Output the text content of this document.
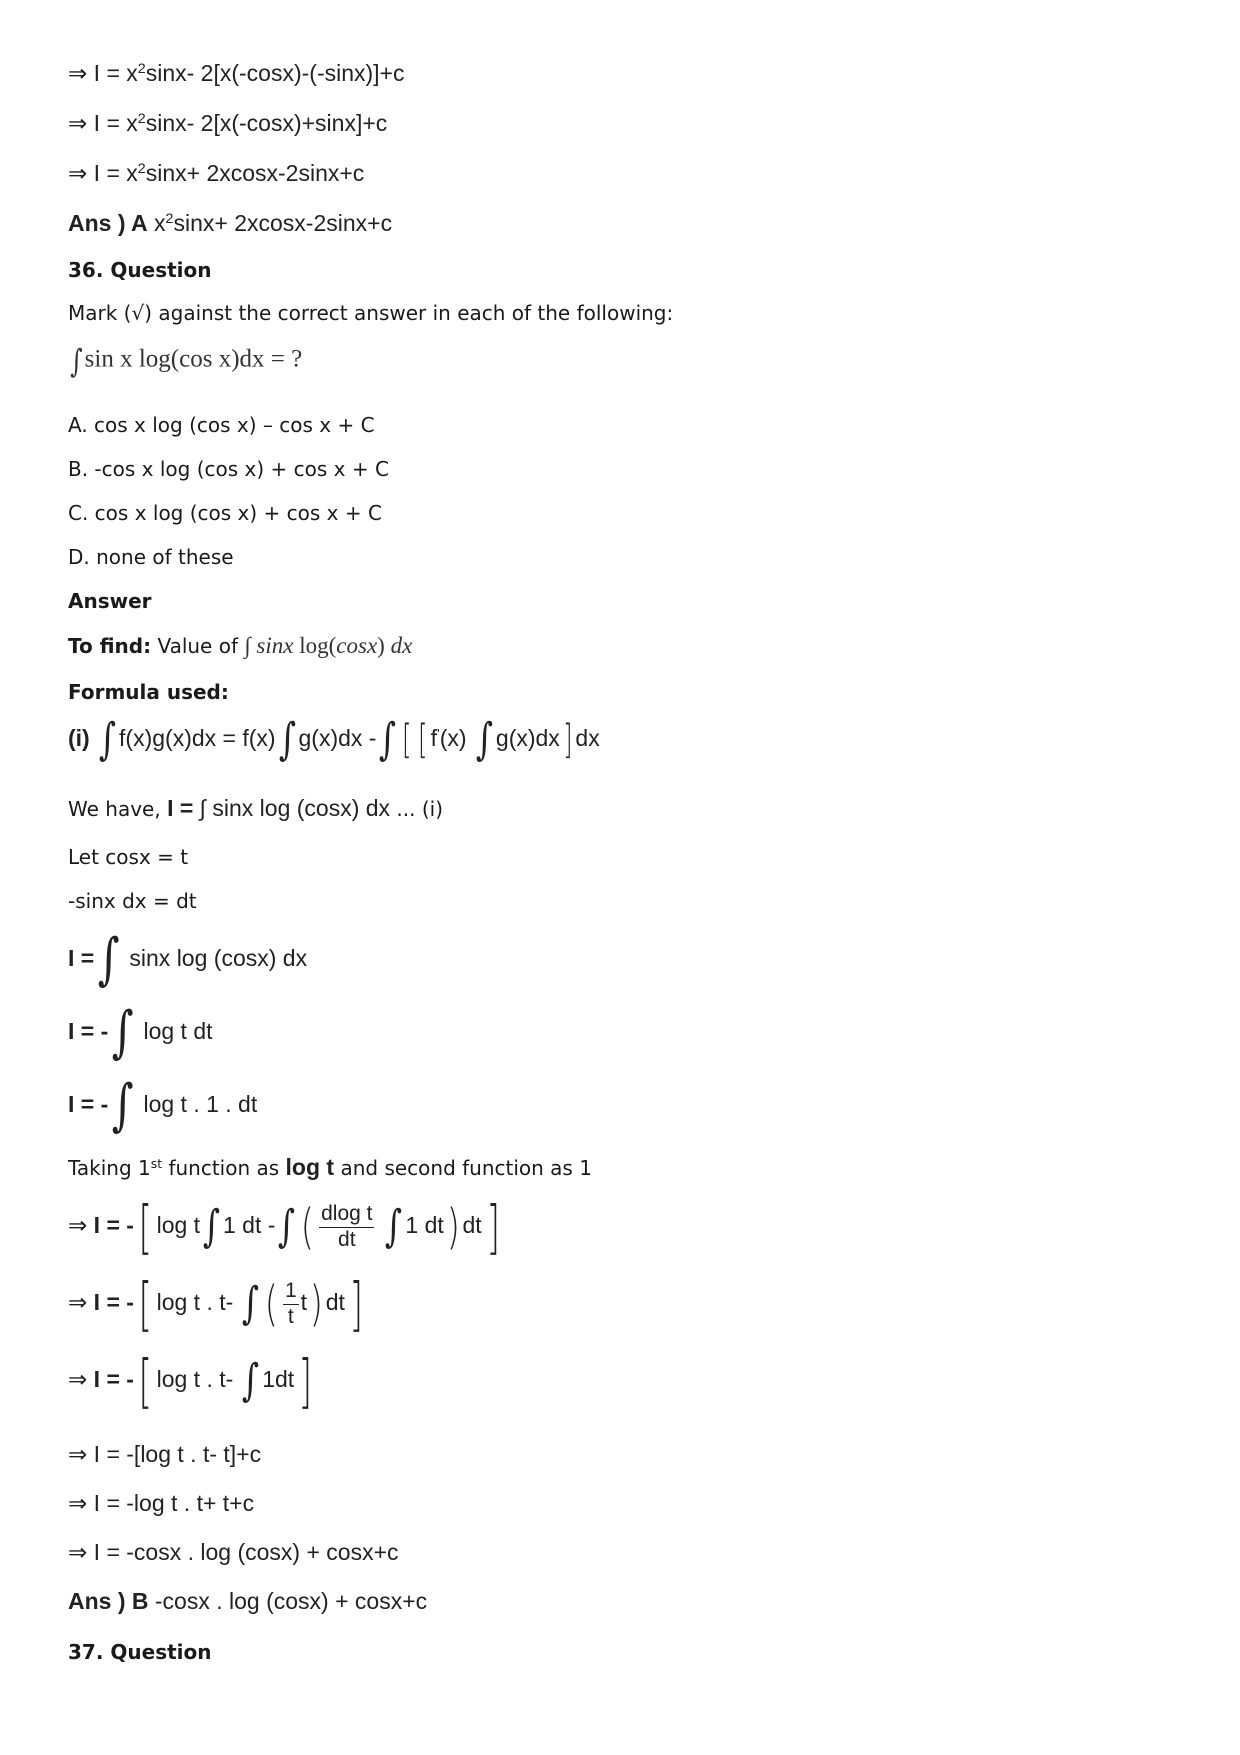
⇒ $I = x^2\sin x-$ 2[x(-cosx)-(-sinx)]+c
⇒ $I = x^2\sin x-$ 2[x(-cosx)+sinx]+c
⇒ $I = x^2\sin x+ 2xcosx-2\sin x+c$
Ans ) A $x^2\sin x+ 2xcosx-2\sin x+c$
36. Question
Mark (√) against the correct answer in each of the following:
∫sin x log(cos x)dx = ?
A. cos x log (cos x) – cos x + C
B. -cos x log (cos x) + cos x + C
C. cos x log (cos x) + cos x + C
D. none of these
Answer
To find: Value of ∫ sinx log(cosx) dx
Formula used:
(i) ∫ f(x)g(x)dx = f(x)∫ g(x)dx -∫ [ [ f'(x) ∫ g(x)dx] dx
We have, I = ∫ sinx log (cosx) dx ... (i)
Let cosx = t
-sinx dx = dt
I =∫ sinx log (cosx) dx
I = -∫ log t dt
I = -∫ log t . 1 . dt
Taking 1st function as log t and second function as 1
⇒ I = -[ log t∫ 1 dt -∫ ( $\frac{\text{dlog t}}{dt}$ ∫ 1 dt) dt]
⇒ I = -[ log t . t- ∫ ( $\frac{1}{t} t$) dt]
⇒ I = -[ log t . t- ∫ 1dt]
⇒ I = -[log t . t- t]+c
⇒ I = -log t . t+ t+c
⇒ I = -cosx . log (cosx) + cosx+c
Ans ) B -cosx . log (cosx) + cosx+c
37. Question
